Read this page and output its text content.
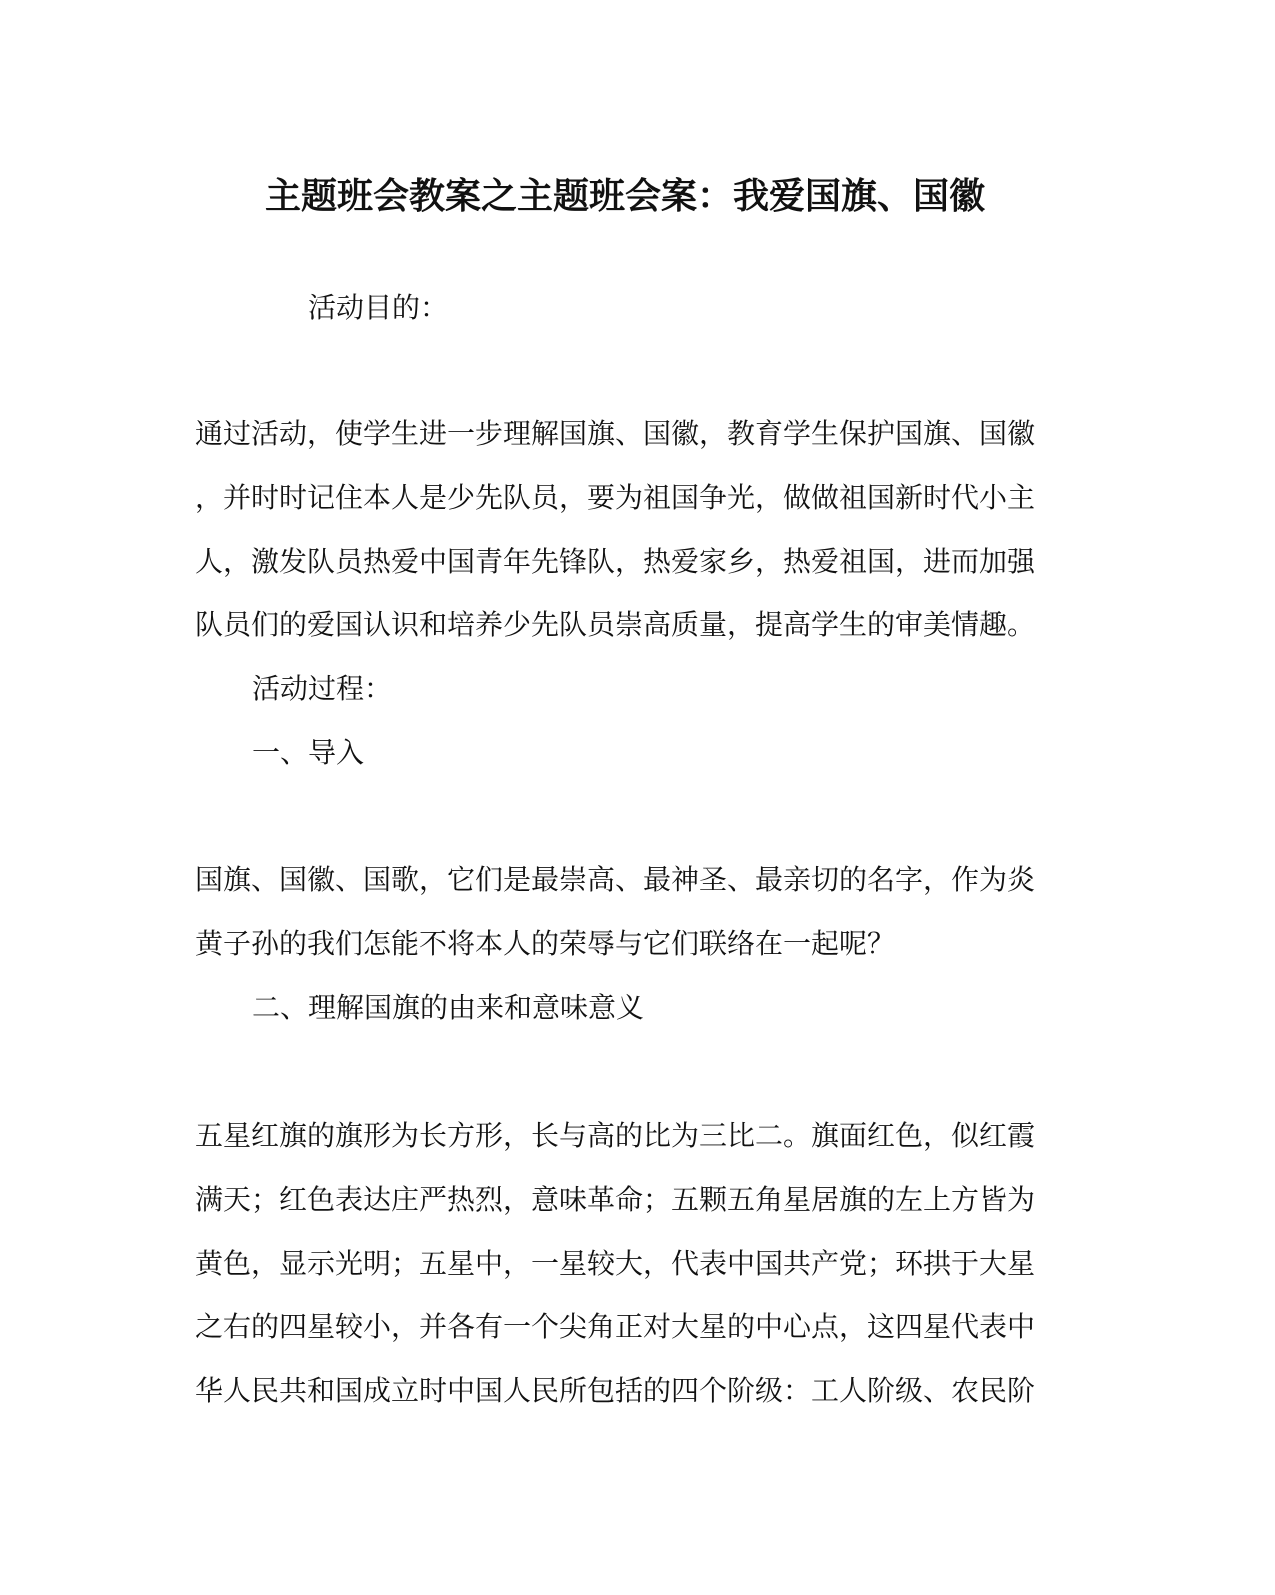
主题班会教案之主题班会案：我爱国旗、国徽
活动目的：
通过活动，使学生进一步理解国旗、国徽，教育学生保护国旗、国徽
，并时时记住本人是少先队员，要为祖国争光，做做祖国新时代小主
人，激发队员热爱中国青年先锋队，热爱家乡，热爱祖国，进而加强
队员们的爱国认识和培养少先队员崇高质量，提高学生的审美情趣。
活动过程：
一、导入
国旗、国徽、国歌，它们是最崇高、最神圣、最亲切的名字，作为炎
黄子孙的我们怎能不将本人的荣辱与它们联络在一起呢？
二、理解国旗的由来和意味意义
五星红旗的旗形为长方形，长与高的比为三比二。旗面红色，似红霞
满天；红色表达庄严热烈，意味革命；五颗五角星居旗的左上方皆为
黄色，显示光明；五星中，一星较大，代表中国共产党；环拱于大星
之右的四星较小，并各有一个尖角正对大星的中心点，这四星代表中
华人民共和国成立时中国人民所包括的四个阶级：工人阶级、农民阶
